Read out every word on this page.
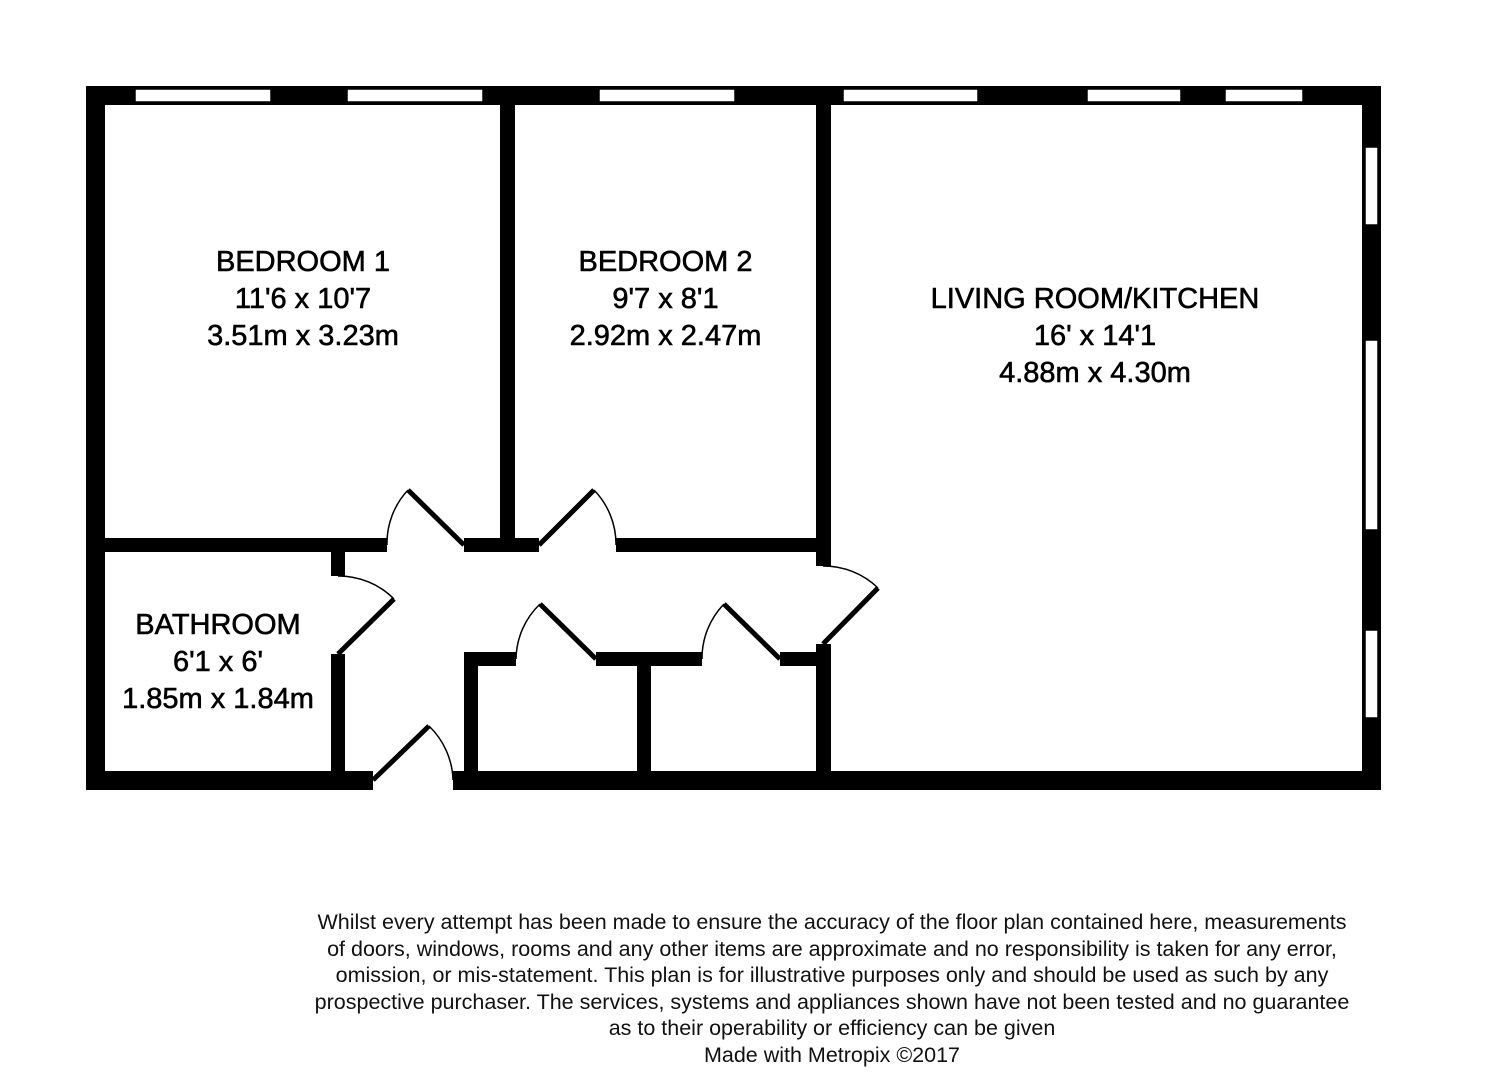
BEDROOM 1
11'6 x 10'7
3.51m x 3.23m
BEDROOM 2
9'7 x 8'1
2.92m x 2.47m
LIVING ROOM/KITCHEN
16' x 14'1
4.88m x 4.30m
BATHROOM
6'1 x 6'
1.85m x 1.84m
Whilst every attempt has been made to ensure the accuracy of the floor plan contained here, measurements
of doors, windows, rooms and any other items are approximate and no responsibility is taken for any error,
omission, or mis-statement. This plan is for illustrative purposes only and should be used as such by any
prospective purchaser. The services, systems and appliances shown have not been tested and no guarantee
as to their operability or efficiency can be given
Made with Metropix ©2017
